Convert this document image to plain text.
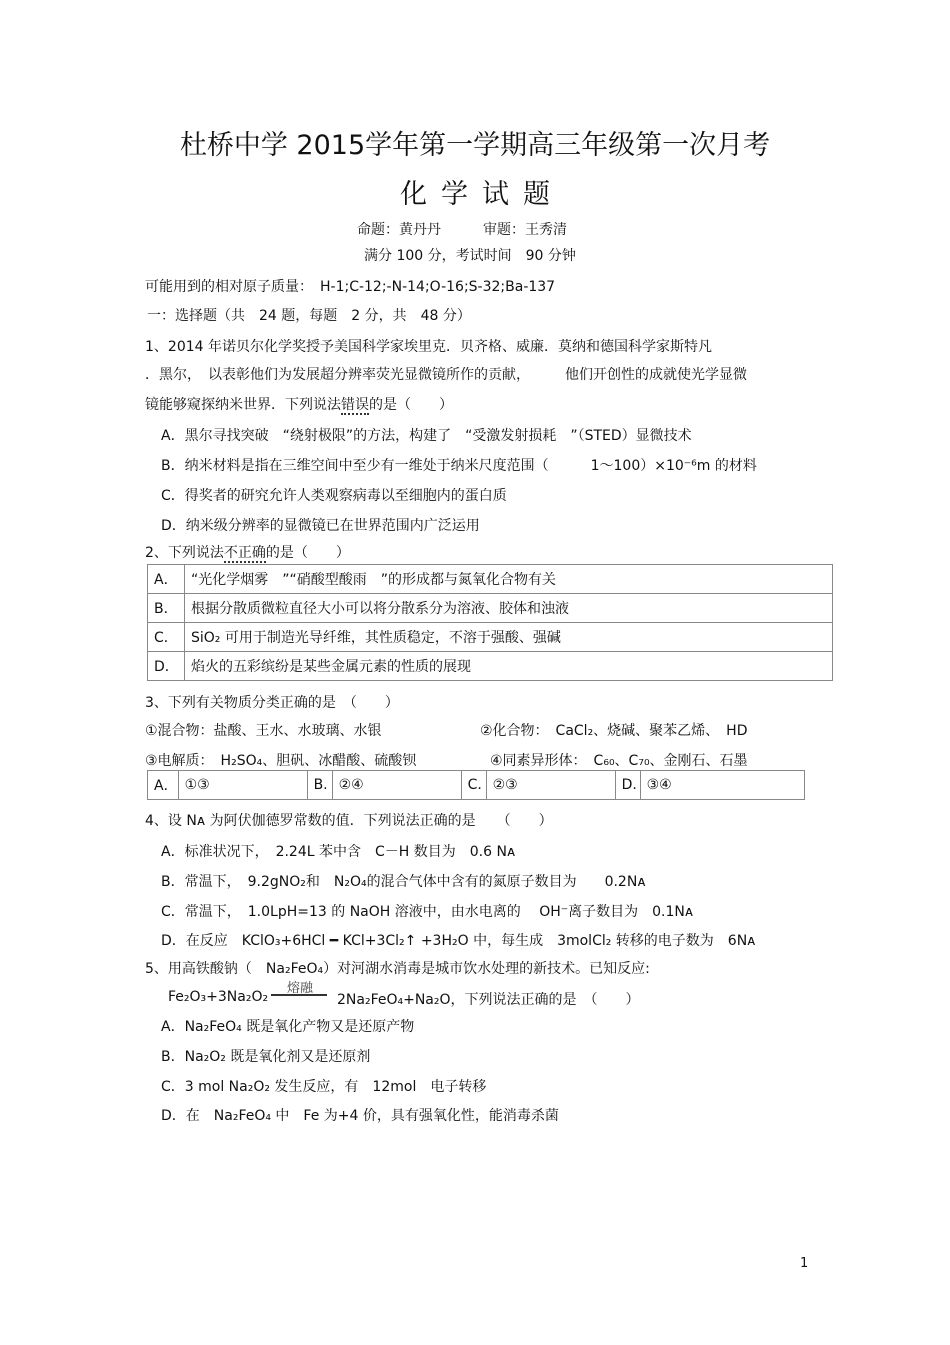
杜桥中学 2015学年第一学期高三年级第一次月考
化学试题
命题：黄丹丹　　　审题：王秀清
满分 100 分，考试时间　90 分钟
可能用到的相对原子质量：　H-1;C-12;-N-14;O-16;S-32;Ba-137
一：选择题（共　24 题，每题　2 分，共　48 分）
1、2014 年诺贝尔化学奖授予美国科学家埃里克．贝齐格、威廉．莫纳和德国科学家斯特凡
．黑尔，　以表彰他们为发展超分辨率荧光显微镜所作的贡献，　　　他们开创性的成就使光学显微
镜能够窥探纳米世界．下列说法错误的是（　　）
A．黑尔寻找突破　“绕射极限”的方法，构建了　“受激发射损耗　”（STED）显微技术
B．纳米材料是指在三维空间中至少有一维处于纳米尺度范围（　　　1～100）×10⁻⁶m 的材料
C．得奖者的研究允许人类观察病毒以至细胞内的蛋白质
D．纳米级分辨率的显微镜已在世界范围内广泛运用
2、下列说法不正确的是（　　）
A．	“光化学烟雾　”“硝酸型酸雨　”的形成都与氮氧化合物有关
B．	根据分散质微粒直径大小可以将分散系分为溶液、胶体和浊液
C．	SiO₂ 可用于制造光导纤维，其性质稳定，不溶于强酸、强碱
D．	焰火的五彩缤纷是某些金属元素的性质的展现
3、下列有关物质分类正确的是　（　　）
①混合物：盐酸、王水、水玻璃、水银	②化合物：　CaCl₂、烧碱、聚苯乙烯、　HD
③电解质：　H₂SO₄、胆矾、冰醋酸、硫酸钡	④同素异形体：　C₆₀、C₇₀、金刚石、石墨
A．	①③	B.	②④	C.	②③	D.	③④
4、设 Nᴀ 为阿伏伽德罗常数的值．下列说法正确的是　　（　　）
A．标准状况下，　2.24L 苯中含　C－H 数目为　0.6 Nᴀ
B．常温下，　9.2gNO₂和　N₂O₄的混合气体中含有的氮原子数目为　　0.2Nᴀ
C．常温下，　1.0LpH=13 的 NaOH 溶液中，由水电离的　 OH⁻离子数目为　0.1Nᴀ
D．在反应　KClO₃+6HCl ━ KCl+3Cl₂↑ +3H₂O 中，每生成　3molCl₂ 转移的电子数为　6Nᴀ
5、用高铁酸钠（　Na₂FeO₄）对河湖水消毒是城市饮水处理的新技术。已知反应:
Fe₂O₃+3Na₂O₂
熔融
2Na₂FeO₄+Na₂O，下列说法正确的是　（　　）
A．Na₂FeO₄ 既是氧化产物又是还原产物
B．Na₂O₂ 既是氧化剂又是还原剂
C．3 mol Na₂O₂ 发生反应，有　12mol　电子转移
D．在　Na₂FeO₄ 中　Fe 为+4 价，具有强氧化性，能消毒杀菌
1
